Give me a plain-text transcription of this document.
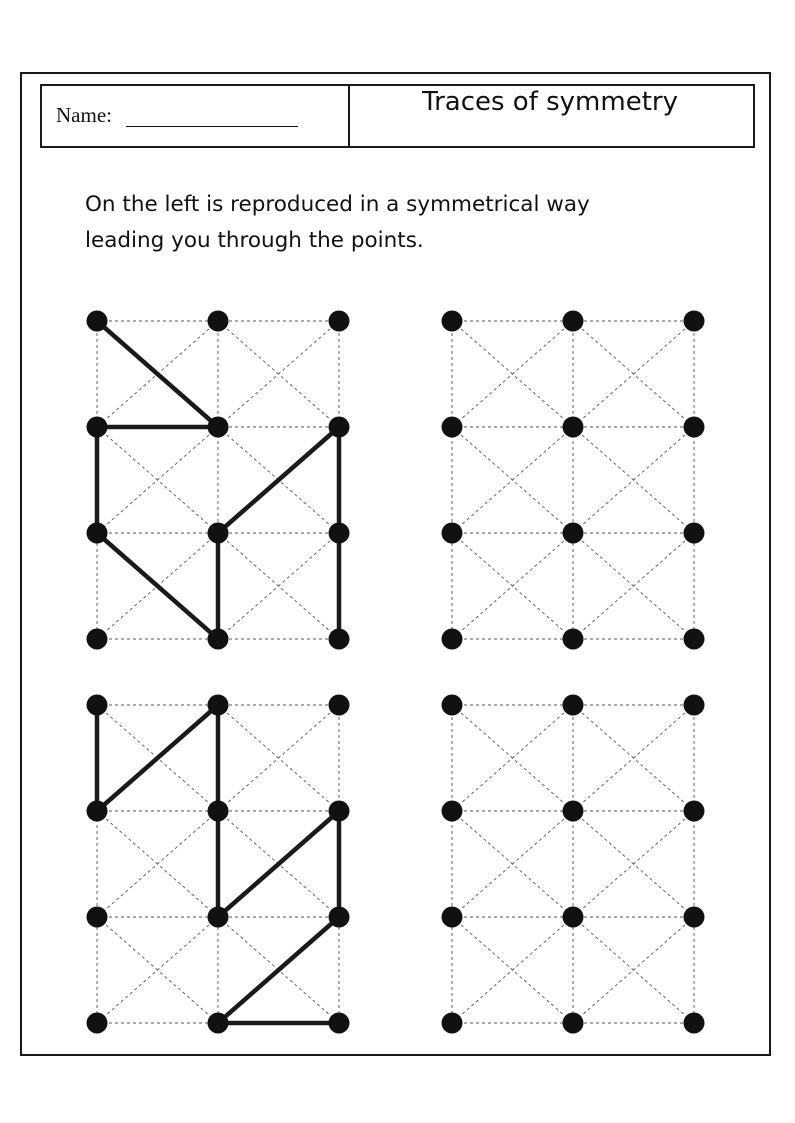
Name:	Traces of symmetry
On the left is reproduced in a symmetrical way
leading you through the points.
